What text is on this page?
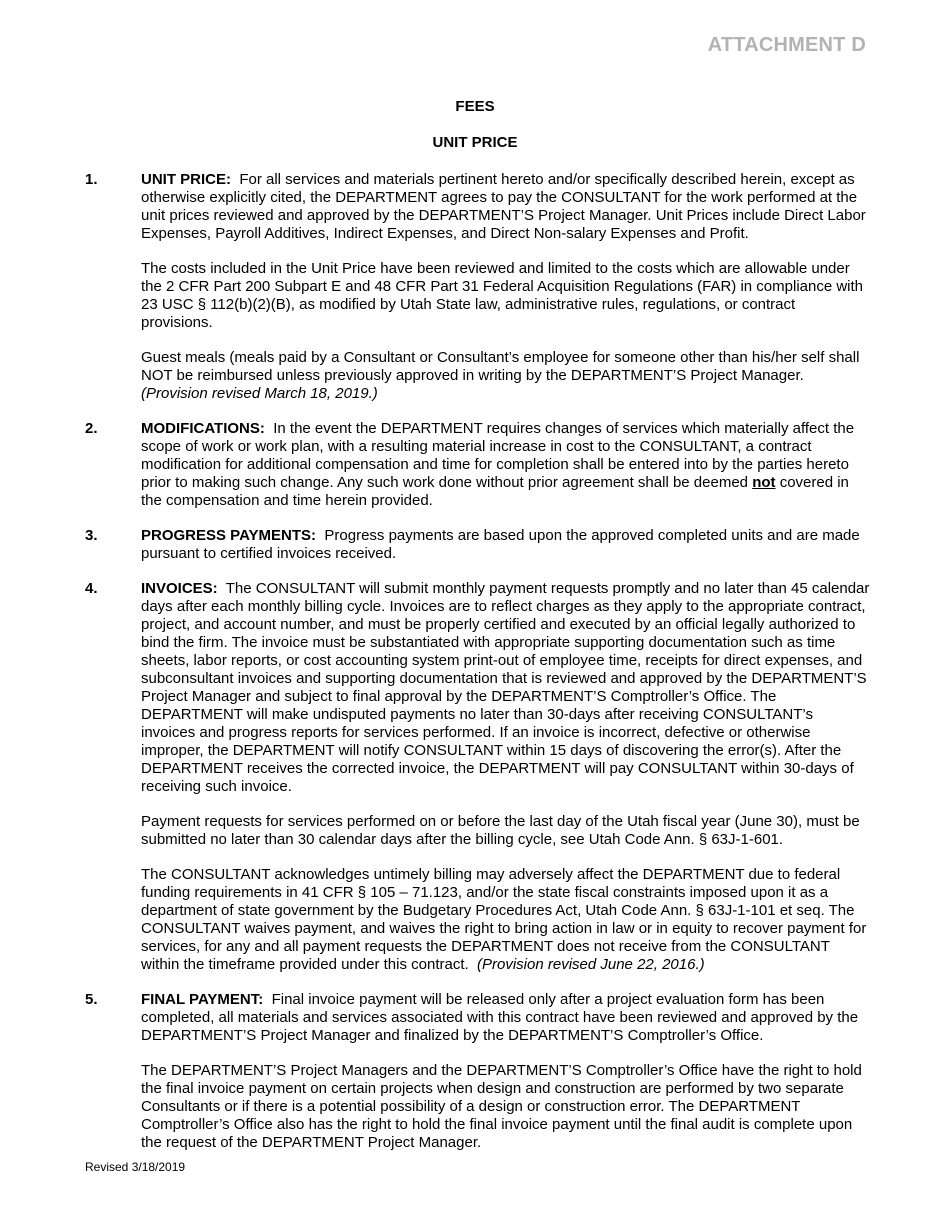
ATTACHMENT D
FEES
UNIT PRICE
1.	UNIT PRICE: For all services and materials pertinent hereto and/or specifically described herein, except as otherwise explicitly cited, the DEPARTMENT agrees to pay the CONSULTANT for the work performed at the unit prices reviewed and approved by the DEPARTMENT’S Project Manager. Unit Prices include Direct Labor Expenses, Payroll Additives, Indirect Expenses, and Direct Non-salary Expenses and Profit.

The costs included in the Unit Price have been reviewed and limited to the costs which are allowable under the 2 CFR Part 200 Subpart E and 48 CFR Part 31 Federal Acquisition Regulations (FAR) in compliance with 23 USC § 112(b)(2)(B), as modified by Utah State law, administrative rules, regulations, or contract provisions.

Guest meals (meals paid by a Consultant or Consultant’s employee for someone other than his/her self shall NOT be reimbursed unless previously approved in writing by the DEPARTMENT’S Project Manager.
(Provision revised March 18, 2019.)

2.	MODIFICATIONS: In the event the DEPARTMENT requires changes of services which materially affect the scope of work or work plan, with a resulting material increase in cost to the CONSULTANT, a contract modification for additional compensation and time for completion shall be entered into by the parties hereto prior to making such change. Any such work done without prior agreement shall be deemed not covered in the compensation and time herein provided.

3.	PROGRESS PAYMENTS: Progress payments are based upon the approved completed units and are made pursuant to certified invoices received.

4.	INVOICES: The CONSULTANT will submit monthly payment requests promptly and no later than 45 calendar days after each monthly billing cycle. Invoices are to reflect charges as they apply to the appropriate contract, project, and account number, and must be properly certified and executed by an official legally authorized to bind the firm. The invoice must be substantiated with appropriate supporting documentation such as time sheets, labor reports, or cost accounting system print-out of employee time, receipts for direct expenses, and subconsultant invoices and supporting documentation that is reviewed and approved by the DEPARTMENT’S Project Manager and subject to final approval by the DEPARTMENT’S Comptroller’s Office. The DEPARTMENT will make undisputed payments no later than 30-days after receiving CONSULTANT’s invoices and progress reports for services performed. If an invoice is incorrect, defective or otherwise improper, the DEPARTMENT will notify CONSULTANT within 15 days of discovering the error(s). After the DEPARTMENT receives the corrected invoice, the DEPARTMENT will pay CONSULTANT within 30-days of receiving such invoice.

Payment requests for services performed on or before the last day of the Utah fiscal year (June 30), must be submitted no later than 30 calendar days after the billing cycle, see Utah Code Ann. § 63J-1-601.

The CONSULTANT acknowledges untimely billing may adversely affect the DEPARTMENT due to federal funding requirements in 41 CFR § 105 – 71.123, and/or the state fiscal constraints imposed upon it as a department of state government by the Budgetary Procedures Act, Utah Code Ann. § 63J-1-101 et seq. The CONSULTANT waives payment, and waives the right to bring action in law or in equity to recover payment for services, for any and all payment requests the DEPARTMENT does not receive from the CONSULTANT within the timeframe provided under this contract. (Provision revised June 22, 2016.)

5.	FINAL PAYMENT: Final invoice payment will be released only after a project evaluation form has been completed, all materials and services associated with this contract have been reviewed and approved by the DEPARTMENT’S Project Manager and finalized by the DEPARTMENT’S Comptroller’s Office.

The DEPARTMENT’S Project Managers and the DEPARTMENT’S Comptroller’s Office have the right to hold the final invoice payment on certain projects when design and construction are performed by two separate Consultants or if there is a potential possibility of a design or construction error. The DEPARTMENT Comptroller’s Office also has the right to hold the final invoice payment until the final audit is complete upon the request of the DEPARTMENT Project Manager.

Revised 3/18/2019
